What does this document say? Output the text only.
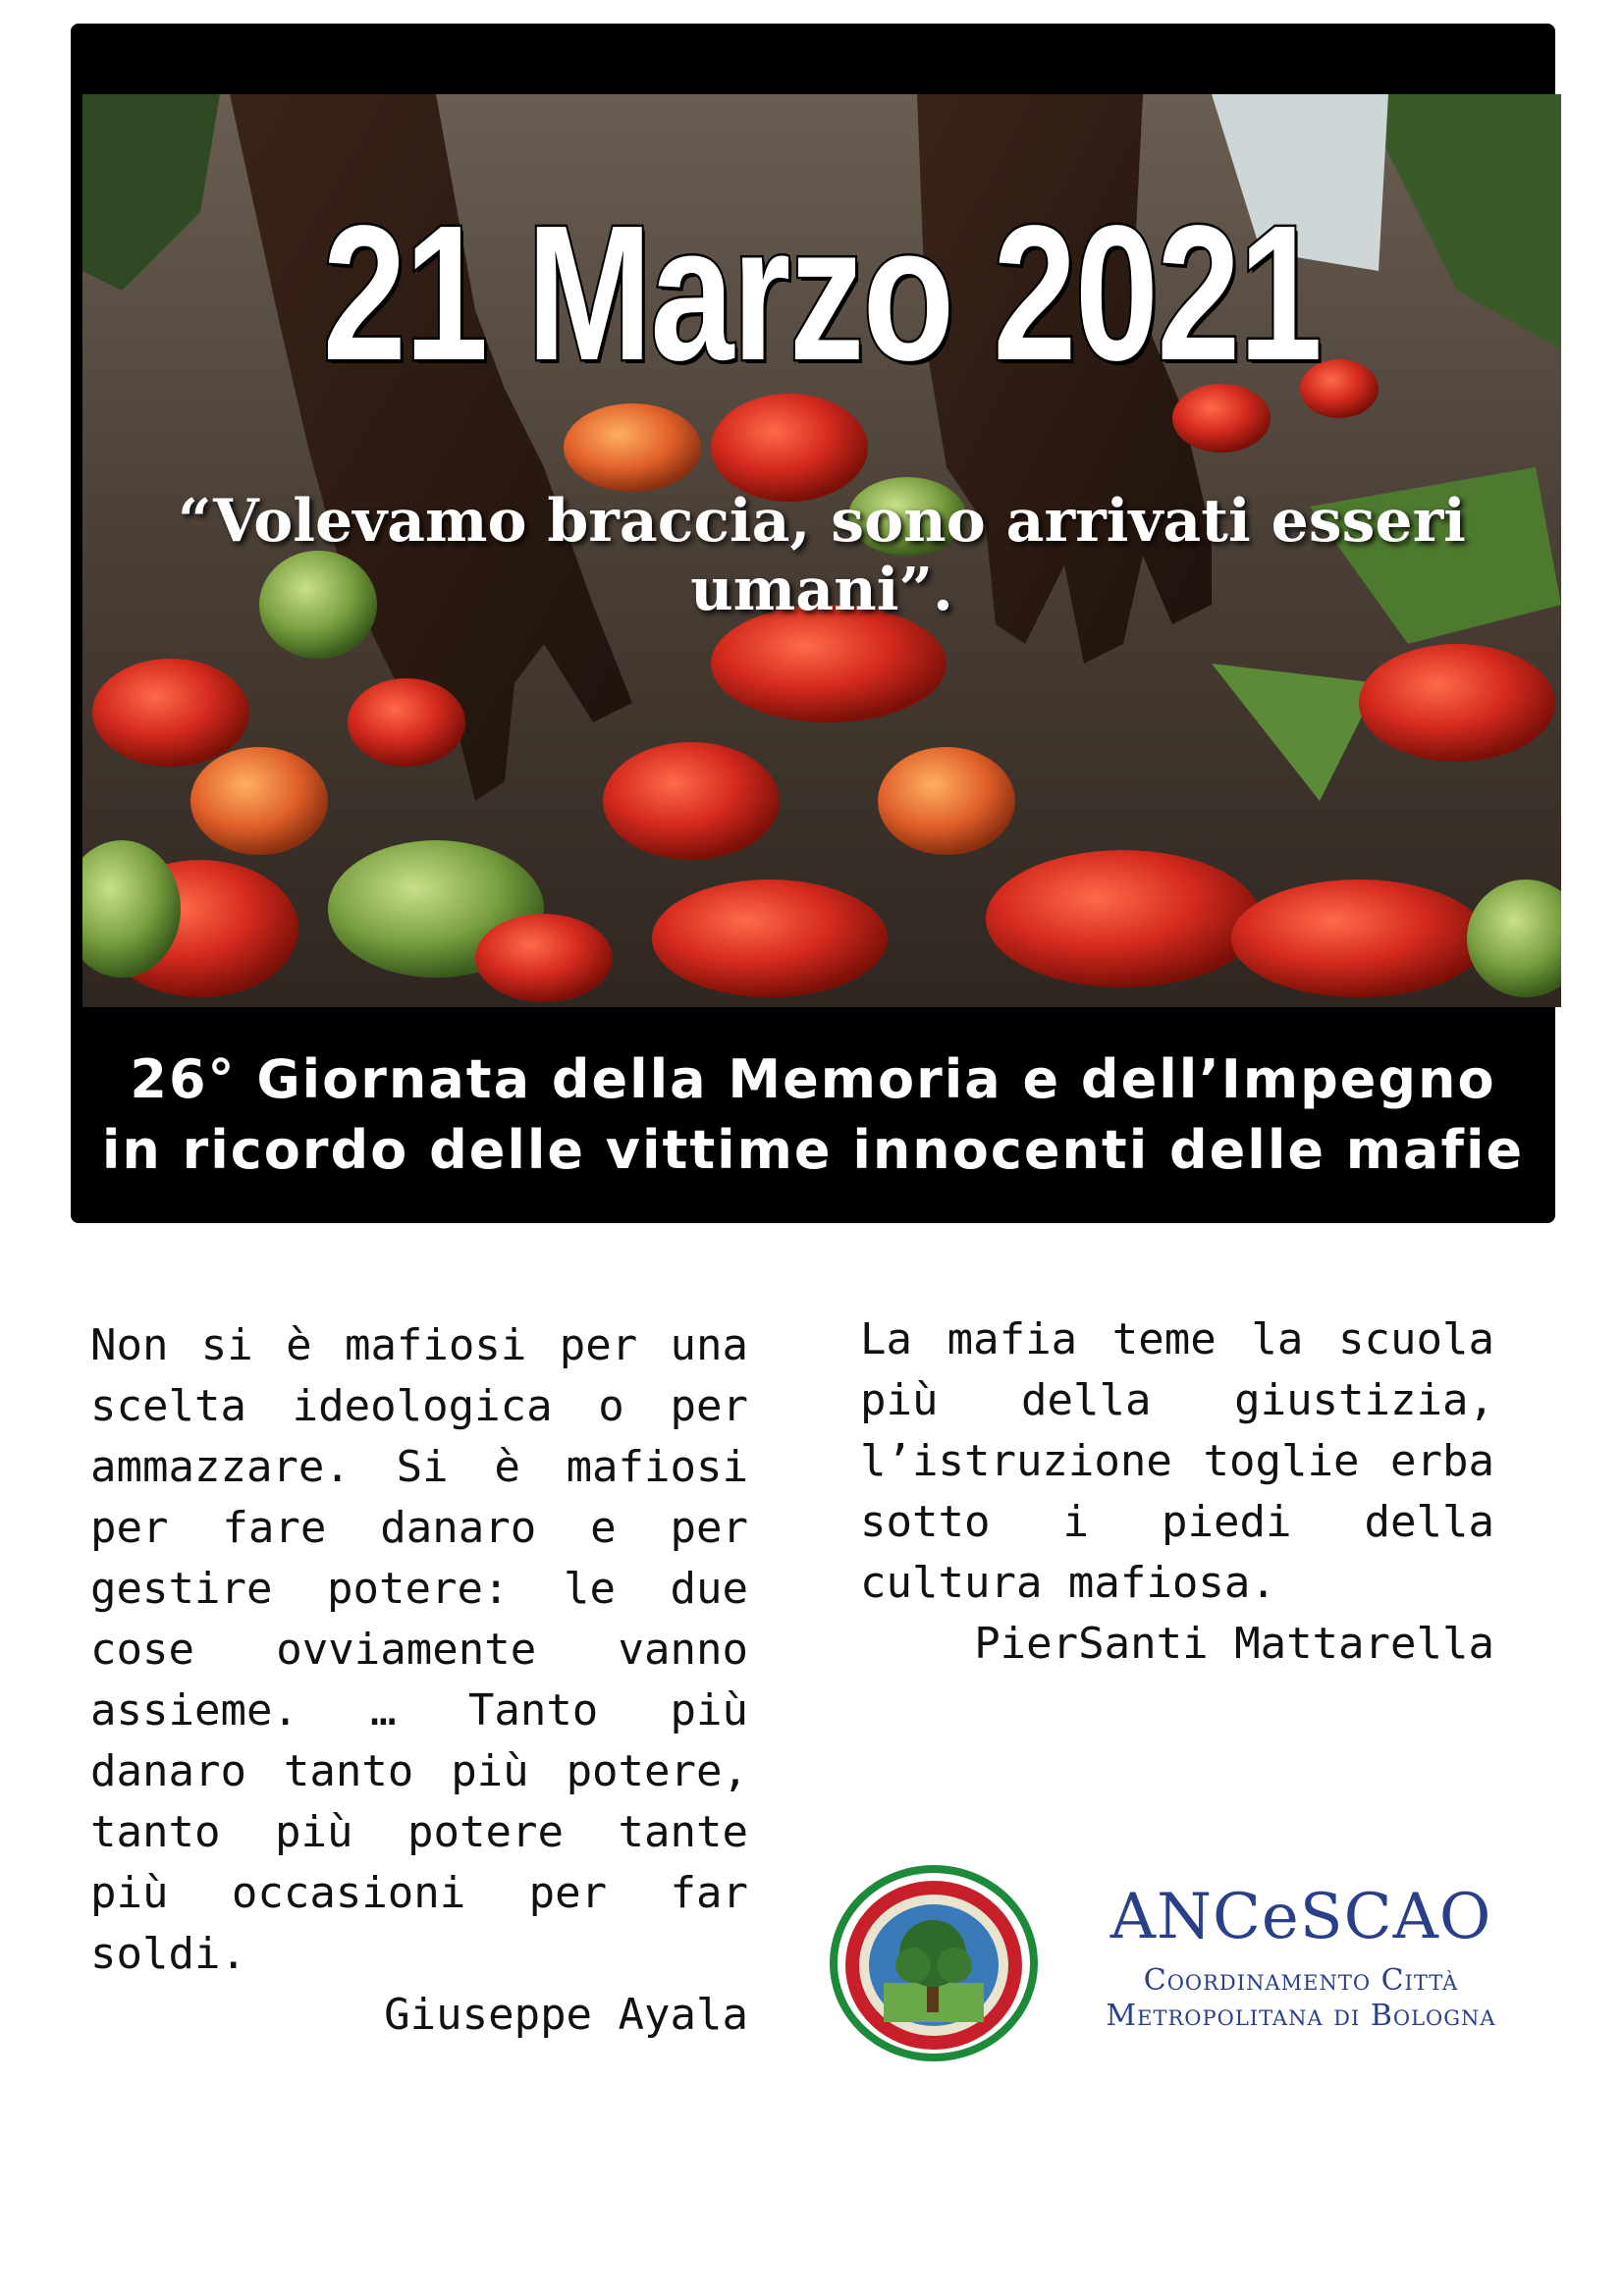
21 Marzo 2021
“Volevamo braccia, sono arrivati esseri umani”.
26° Giornata della Memoria e dell’Impegno
in ricordo delle vittime innocenti delle mafie
Non si è mafiosi per una scelta ideologica o per ammazzare. Si è mafiosi per fare danaro e per gestire potere: le due cose ovviamente vanno assieme. … Tanto più danaro tanto più potere, tanto più potere tante più occasioni per far soldi.
Giuseppe Ayala
La mafia teme la scuola più della giustizia, l’istruzione toglie erba sotto i piedi della cultura mafiosa.
PierSanti Mattarella
ANCeSCAO
Coordinamento Città
Metropolitana di Bologna
